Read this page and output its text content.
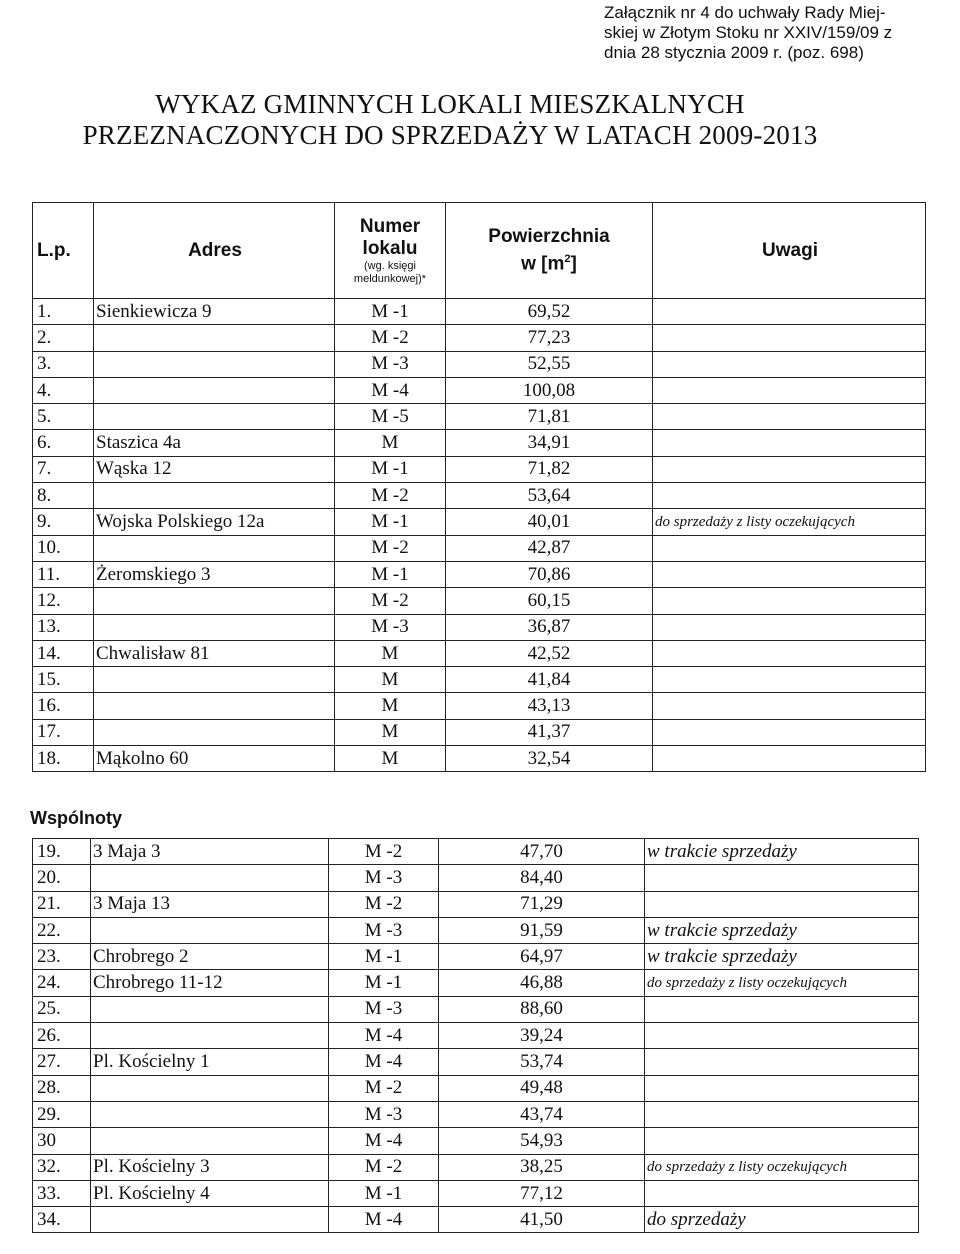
Załącznik nr 4 do uchwały Rady Miej-
skiej w Złotym Stoku nr XXIV/159/09 z
dnia 28 stycznia 2009 r. (poz. 698)
WYKAZ GMINNYCH LOKALI MIESZKALNYCH
PRZEZNACZONYCH DO SPRZEDAŻY W LATACH 2009-2013
L.p.	Adres	Numer
lokalu
(wg. księgi
meldunkowej)*	Powierzchnia
w $[m^2]$	Uwagi
1.	Sienkiewicza 9	M -1	69,52	
2.		M -2	77,23	
3.		M -3	52,55	
4.		M -4	100,08	
5.		M -5	71,81	
6.	Staszica 4a	M	34,91	
7.	Wąska 12	M -1	71,82	
8.		M -2	53,64	
9.	Wojska Polskiego 12a	M -1	40,01	do sprzedaży z listy oczekujących
10.		M -2	42,87	
11.	Żeromskiego 3	M -1	70,86	
12.		M -2	60,15	
13.		M -3	36,87	
14.	Chwalisław 81	M	42,52	
15.		M	41,84	
16.		M	43,13	
17.		M	41,37	
18.	Mąkolno 60	M	32,54	
Wspólnoty
19.	3 Maja 3	M -2	47,70	w trakcie sprzedaży
20.		M -3	84,40	
21.	3 Maja 13	M -2	71,29	
22.		M -3	91,59	w trakcie sprzedaży
23.	Chrobrego 2	M -1	64,97	w trakcie sprzedaży
24.	Chrobrego 11-12	M -1	46,88	do sprzedaży z listy oczekujących
25.		M -3	88,60	
26.		M -4	39,24	
27.	Pl. Kościelny 1	M -4	53,74	
28.		M -2	49,48	
29.		M -3	43,74	
30		M -4	54,93	
32.	Pl. Kościelny 3	M -2	38,25	do sprzedaży z listy oczekujących
33.	Pl. Kościelny 4	M -1	77,12	
34.		M -4	41,50	do sprzedaży
